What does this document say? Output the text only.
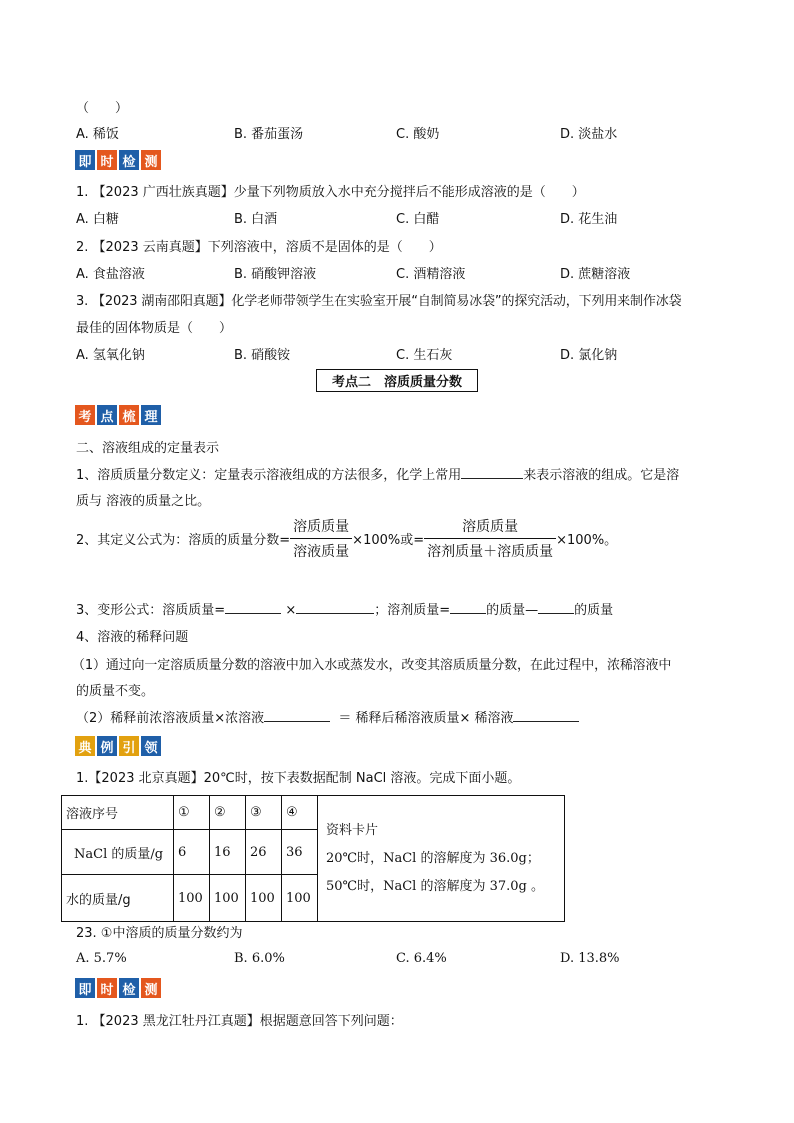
（　　）
A. 稀饭	B. 番茄蛋汤	C. 酸奶	D. 淡盐水
即 时 检 测
1. 【2023 广西壮族真题】少量下列物质放入水中充分搅拌后不能形成溶液的是（　　）
A. 白糖	B. 白酒	C. 白醋	D. 花生油
2. 【2023 云南真题】下列溶液中，溶质不是固体的是（　　）
A. 食盐溶液	B. 硝酸钾溶液	C. 酒精溶液	D. 蔗糖溶液
3. 【2023 湖南邵阳真题】化学老师带领学生在实验室开展“自制简易冰袋”的探究活动，下列用来制作冰袋
最佳的固体物质是（　　）
A. 氢氧化钠	B. 硝酸铵	C. 生石灰	D. 氯化钠
考点二　溶质质量分数
考 点 梳 理
二、溶液组成的定量表示
1、溶质质量分数定义：定量表示溶液组成的方法很多，化学上常用	来表示溶液的组成。它是溶
质与 溶液的质量之比。
2、其定义公式为：溶质的质量分数= $\frac{\text{溶质质量}}{\text{溶液质量}} \times 100\%$或= $\frac{\text{溶质质量}}{\text{溶剂质量＋溶质质量}} \times 100\%$。
3、变形公式：溶质质量=	×	；溶剂质量=	的质量—	的质量
4、溶液的稀释问题
（1）通过向一定溶质质量分数的溶液中加入水或蒸发水，改变其溶质质量分数，在此过程中，浓稀溶液中
的质量不变。
（2）稀释前浓溶液质量×浓溶液	＝ 稀释后稀溶液质量× 稀溶液
典 例 引 领
1.【2023 北京真题】20℃时，按下表数据配制 NaCl 溶液。完成下面小题。
溶液序号	①	②	③	④	资料卡片
20℃时，NaCl 的溶解度为 36.0g；
50℃时，NaCl 的溶解度为 37.0g 。

NaCl 的质量/g	6	16	26	36	
水的质量/g	100	100	100	100	
23. ①中溶质的质量分数约为
A. 5.7%	B. 6.0%	C. 6.4%	D. 13.8%
即 时 检 测
1. 【2023 黑龙江牡丹江真题】根据题意回答下列问题：
